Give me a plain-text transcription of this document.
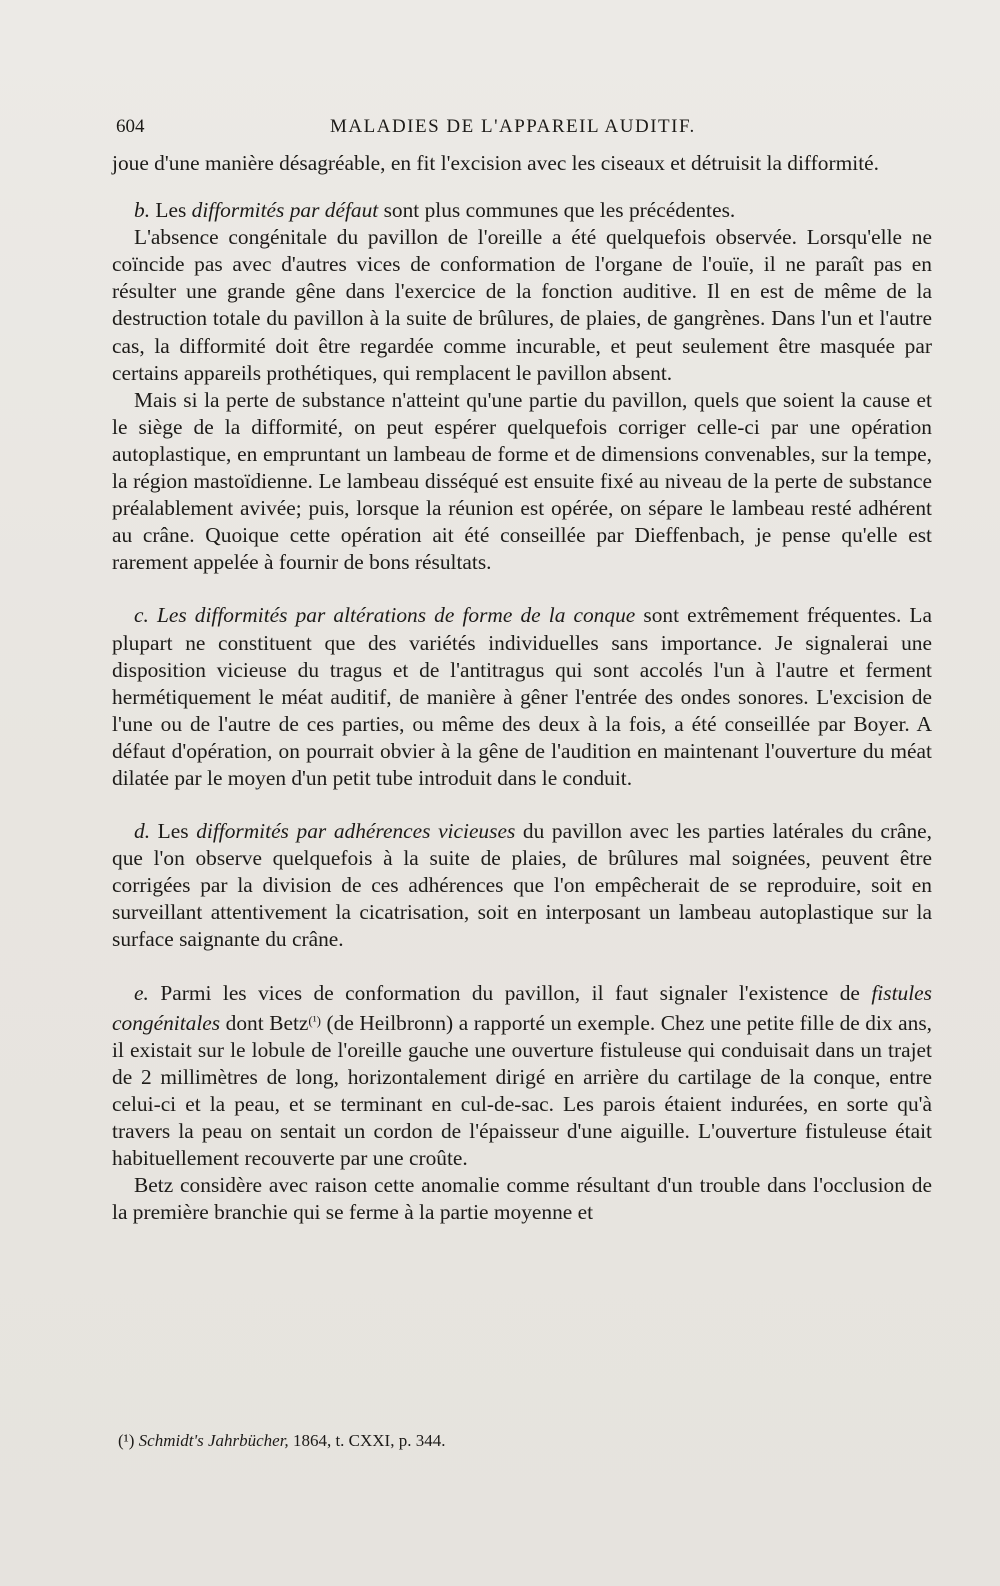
604	MALADIES DE L'APPAREIL AUDITIF.

joue d'une manière désagréable, en fit l'excision avec les ciseaux et détruisit la difformité.

b. Les difformités par défaut sont plus communes que les précédentes.

L'absence congénitale du pavillon de l'oreille a été quelquefois observée. Lorsqu'elle ne coïncide pas avec d'autres vices de conformation de l'organe de l'ouïe, il ne paraît pas en résulter une grande gêne dans l'exercice de la fonction auditive. Il en est de même de la destruction totale du pavillon à la suite de brûlures, de plaies, de gangrènes. Dans l'un et l'autre cas, la difformité doit être regardée comme incurable, et peut seulement être masquée par certains appareils prothétiques, qui remplacent le pavillon absent.

Mais si la perte de substance n'atteint qu'une partie du pavillon, quels que soient la cause et le siège de la difformité, on peut espérer quelquefois corriger celle-ci par une opération autoplastique, en empruntant un lambeau de forme et de dimensions convenables, sur la tempe, la région mastoïdienne. Le lambeau disséqué est ensuite fixé au niveau de la perte de substance préalablement avivée; puis, lorsque la réunion est opérée, on sépare le lambeau resté adhérent au crâne. Quoique cette opération ait été conseillée par Dieffenbach, je pense qu'elle est rarement appelée à fournir de bons résultats.

c. Les difformités par altérations de forme de la conque sont extrêmement fréquentes. La plupart ne constituent que des variétés individuelles sans importance. Je signalerai une disposition vicieuse du tragus et de l'antitragus qui sont accolés l'un à l'autre et ferment hermétiquement le méat auditif, de manière à gêner l'entrée des ondes sonores. L'excision de l'une ou de l'autre de ces parties, ou même des deux à la fois, a été conseillée par Boyer. A défaut d'opération, on pourrait obvier à la gêne de l'audition en maintenant l'ouverture du méat dilatée par le moyen d'un petit tube introduit dans le conduit.

d. Les difformités par adhérences vicieuses du pavillon avec les parties latérales du crâne, que l'on observe quelquefois à la suite de plaies, de brûlures mal soignées, peuvent être corrigées par la division de ces adhérences que l'on empêcherait de se reproduire, soit en surveillant attentivement la cicatrisation, soit en interposant un lambeau autoplastique sur la surface saignante du crâne.

e. Parmi les vices de conformation du pavillon, il faut signaler l'existence de fistules congénitales dont Betz$^{(^1)}$ (de Heilbronn) a rapporté un exemple. Chez une petite fille de dix ans, il existait sur le lobule de l'oreille gauche une ouverture fistuleuse qui conduisait dans un trajet de 2 millimètres de long, horizontalement dirigé en arrière du cartilage de la conque, entre celui-ci et la peau, et se terminant en cul-de-sac. Les parois étaient indurées, en sorte qu'à travers la peau on sentait un cordon de l'épaisseur d'une aiguille. L'ouverture fistuleuse était habituellement recouverte par une croûte.

Betz considère avec raison cette anomalie comme résultant d'un trouble dans l'occlusion de la première branchie qui se ferme à la partie moyenne et

(¹) Schmidt's Jahrbücher, 1864, t. CXXI, p. 344.
